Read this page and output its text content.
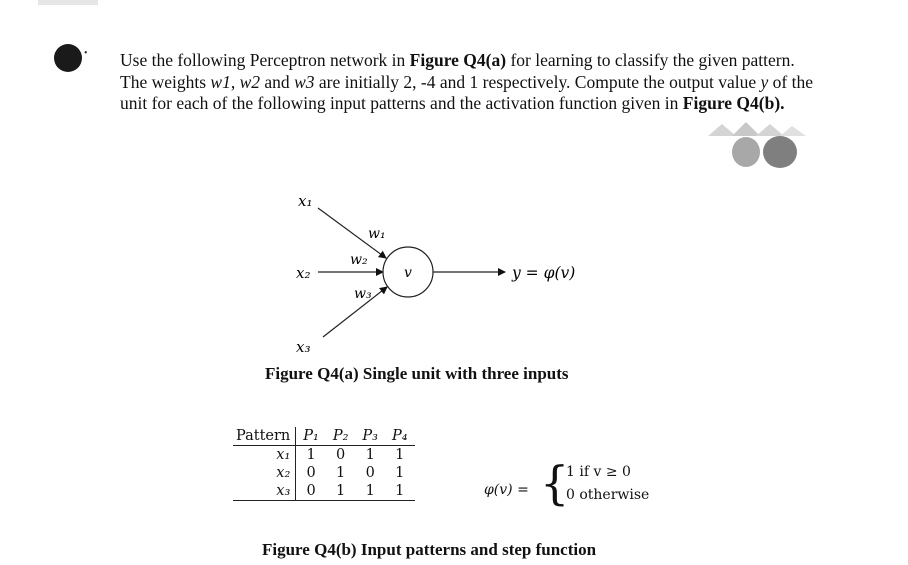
• Use the following Perceptron network in Figure Q4(a) for learning to classify the given pattern. The weights w1, w2 and w3 are initially 2, -4 and 1 respectively. Compute the output value y of the unit for each of the following input patterns and the activation function given in Figure Q4(b).

x₁
x₂
x₃
w₁
w₂
w₃
v	y = φ(v)
Figure Q4(a) Single unit with three inputs
Pattern	P₁	P₂	P₃	P₄
x₁	1	0	1	1
x₂	0	1	0	1
x₃	0	1	1	1	φ(v) = {
1 if v ≥ 0
0 otherwise
Figure Q4(b) Input patterns and step function
